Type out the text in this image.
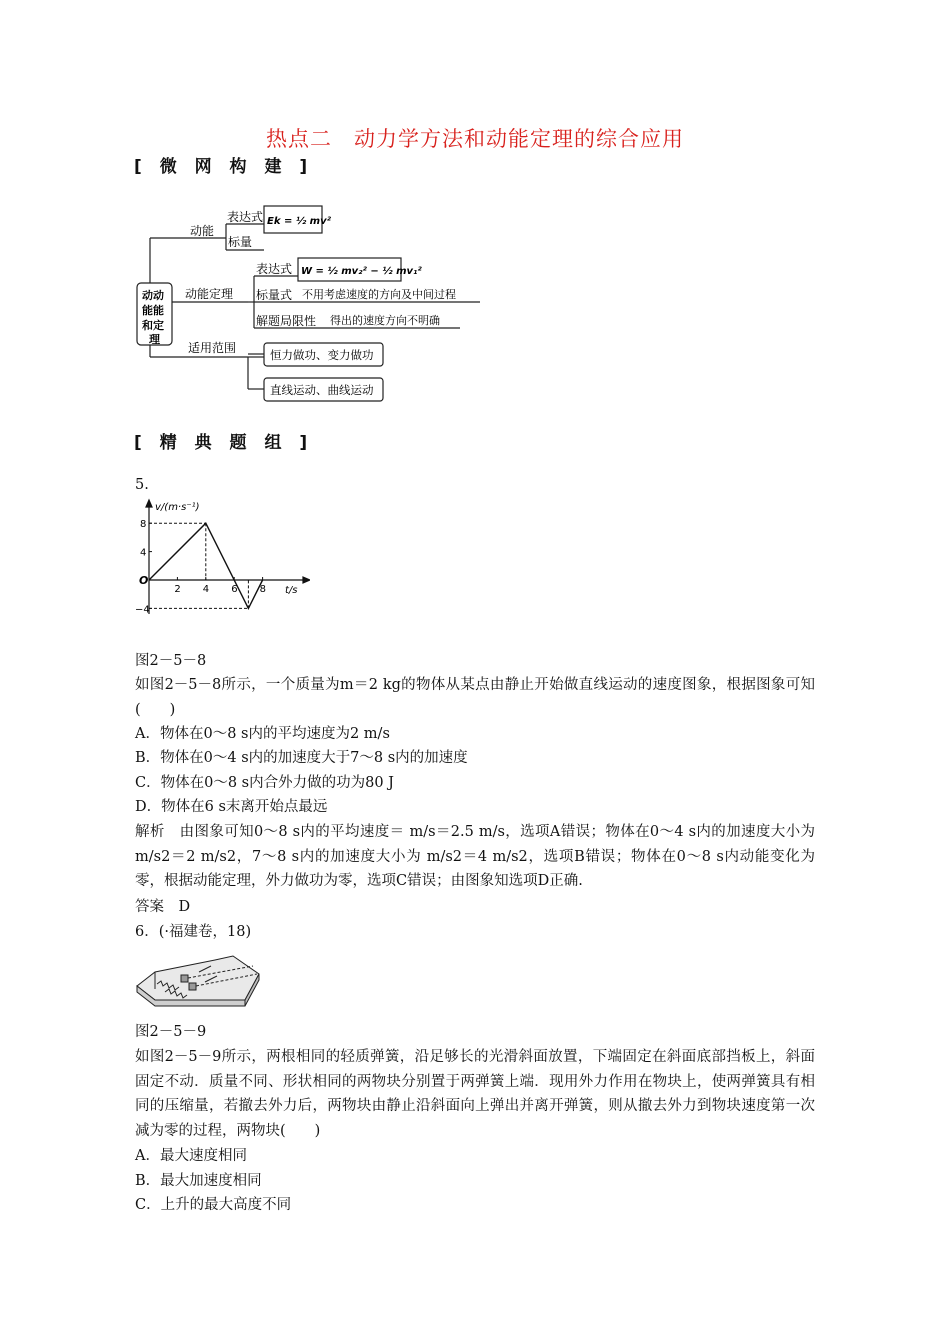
热点二　动力学方法和动能定理的综合应用
[ 微 网 构 建 ]
动动
能能
和定
理
动能
表达式 Ek = ½ mv²
标量
动能定理
表达式 W = ½ mv₂² − ½ mv₁²
标量式 不用考虑速度的方向及中间过程
解题局限性 得出的速度方向不明确
适用范围	恒力做功、变力做功
直线运动、曲线运动
[ 精 典 题 组 ]
5.
2 4 6 8
8
4
−4
v/(m·s⁻¹)
t/s
O
图2－5－8
如图2－5－8所示，一个质量为m＝2 kg的物体从某点由静止开始做直线运动的速度图象，根据图象可知(　　)
A．物体在0～8 s内的平均速度为2 m/s
B．物体在0～4 s内的加速度大于7～8 s内的加速度
C．物体在0～8 s内合外力做的功为80 J
D．物体在6 s末离开始点最远
解析　由图象可知0～8 s内的平均速度＝ m/s＝2.5 m/s，选项A错误；物体在0～4 s内的加速度大小为 m/s2＝2 m/s2，7～8 s内的加速度大小为 m/s2＝4 m/s2，选项B错误；物体在0～8 s内动能变化为零，根据动能定理，外力做功为零，选项C错误；由图象知选项D正确.
答案　D
6．(·福建卷，18)
图2－5－9
如图2－5－9所示，两根相同的轻质弹簧，沿足够长的光滑斜面放置，下端固定在斜面底部挡板上，斜面固定不动．质量不同、形状相同的两物块分别置于两弹簧上端．现用外力作用在物块上，使两弹簧具有相同的压缩量，若撤去外力后，两物块由静止沿斜面向上弹出并离开弹簧，则从撤去外力到物块速度第一次减为零的过程，两物块(　　)
A．最大速度相同
B．最大加速度相同
C．上升的最大高度不同
